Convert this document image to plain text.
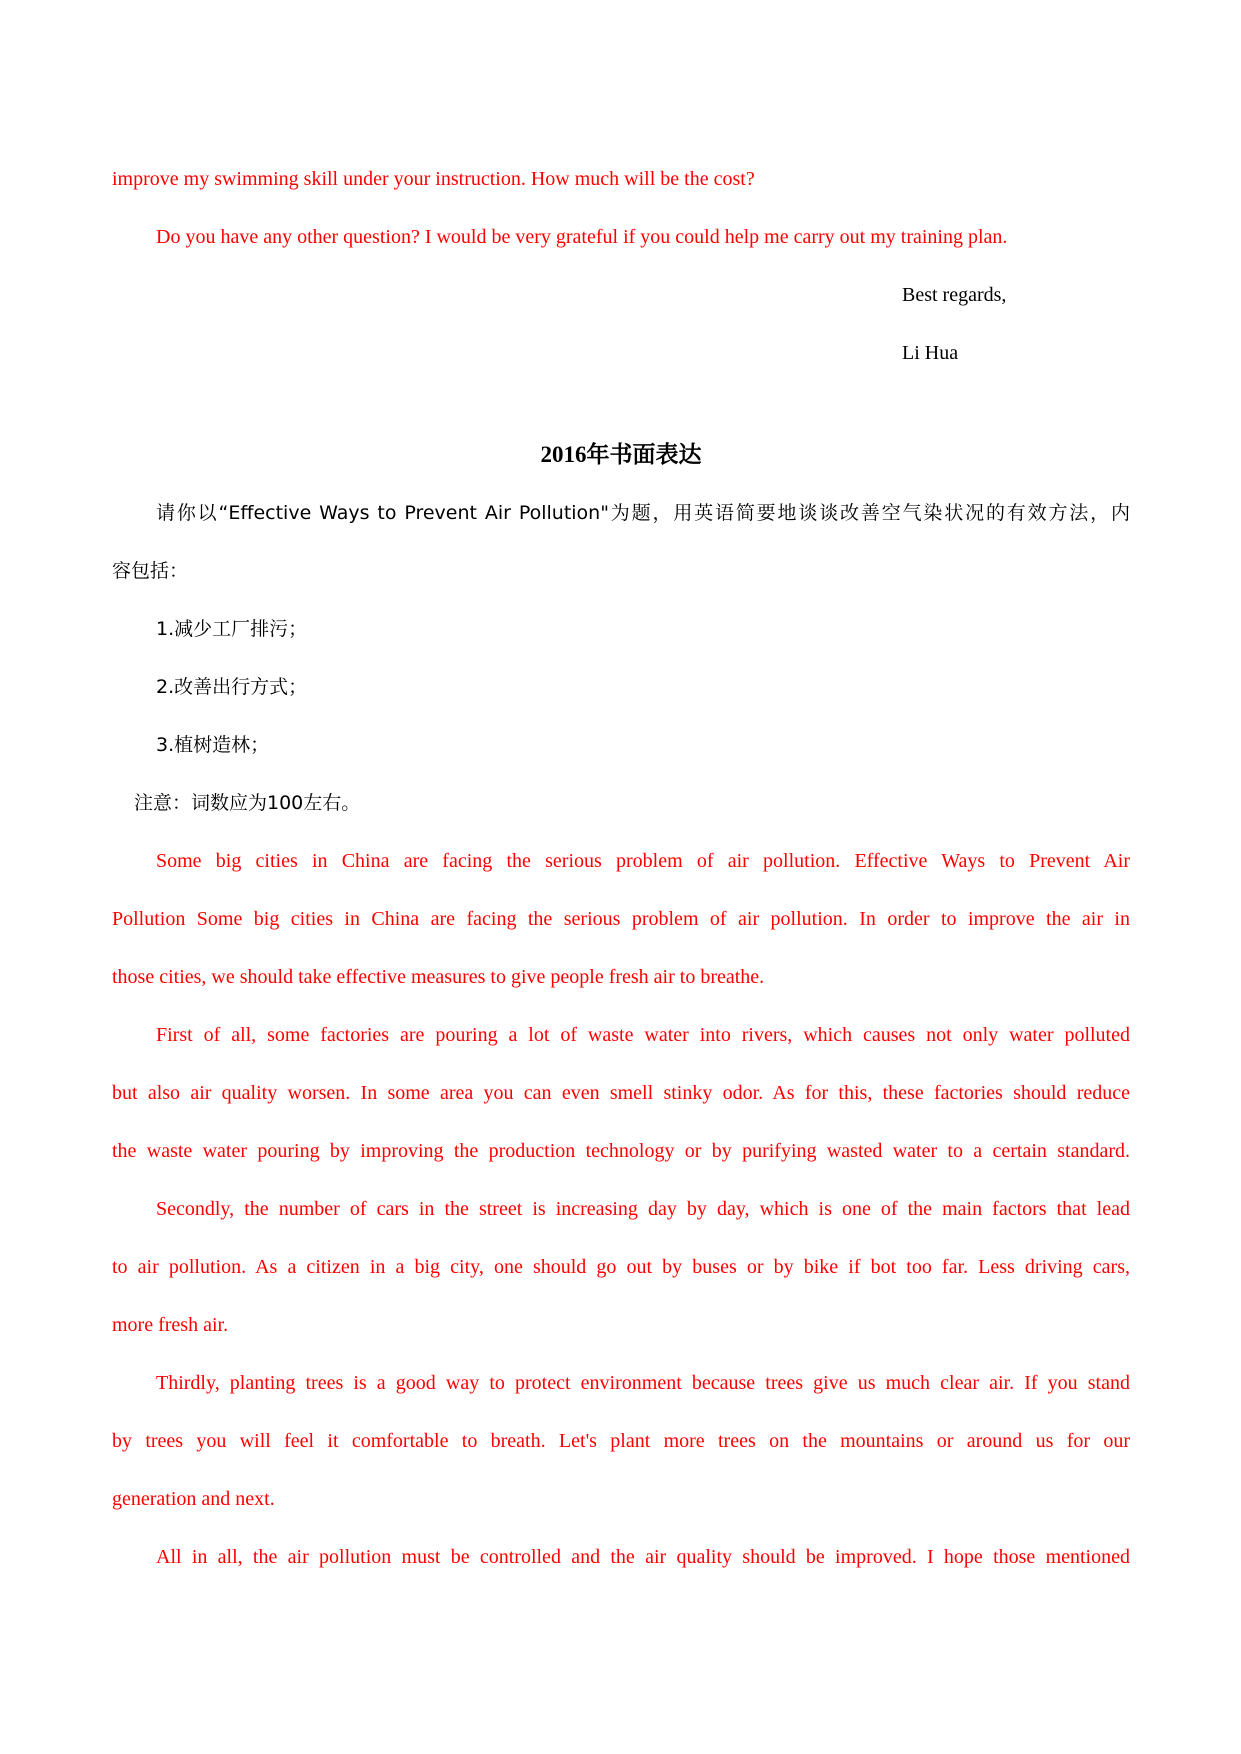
improve my swimming skill under your instruction. How much will be the cost?

Do you have any other question? I would be very grateful if you could help me carry out my training plan.

Best regards,

Li Hua

2016年书面表达

请你以“Effective Ways to Prevent Air Pollution"为题，用英语简要地谈谈改善空气染状况的有效方法，内

容包括：

1.减少工厂排污；

2.改善出行方式；

3.植树造林；

注意：词数应为100左右。

Some big cities in China are facing the serious problem of air pollution. Effective Ways to Prevent Air

Pollution Some big cities in China are facing the serious problem of air pollution. In order to improve the air in

those cities, we should take effective measures to give people fresh air to breathe.

First of all, some factories are pouring a lot of waste water into rivers, which causes not only water polluted

but also air quality worsen. In some area you can even smell stinky odor. As for this, these factories should reduce

the waste water pouring by improving the production technology or by purifying wasted water to a certain standard.

Secondly, the number of cars in the street is increasing day by day, which is one of the main factors that lead

to air pollution. As a citizen in a big city, one should go out by buses or by bike if bot too far. Less driving cars,

more fresh air.

Thirdly, planting trees is a good way to protect environment because trees give us much clear air. If you stand

by trees you will feel it comfortable to breath. Let's plant more trees on the mountains or around us for our

generation and next.

All in all, the air pollution must be controlled and the air quality should be improved. I hope those mentioned
